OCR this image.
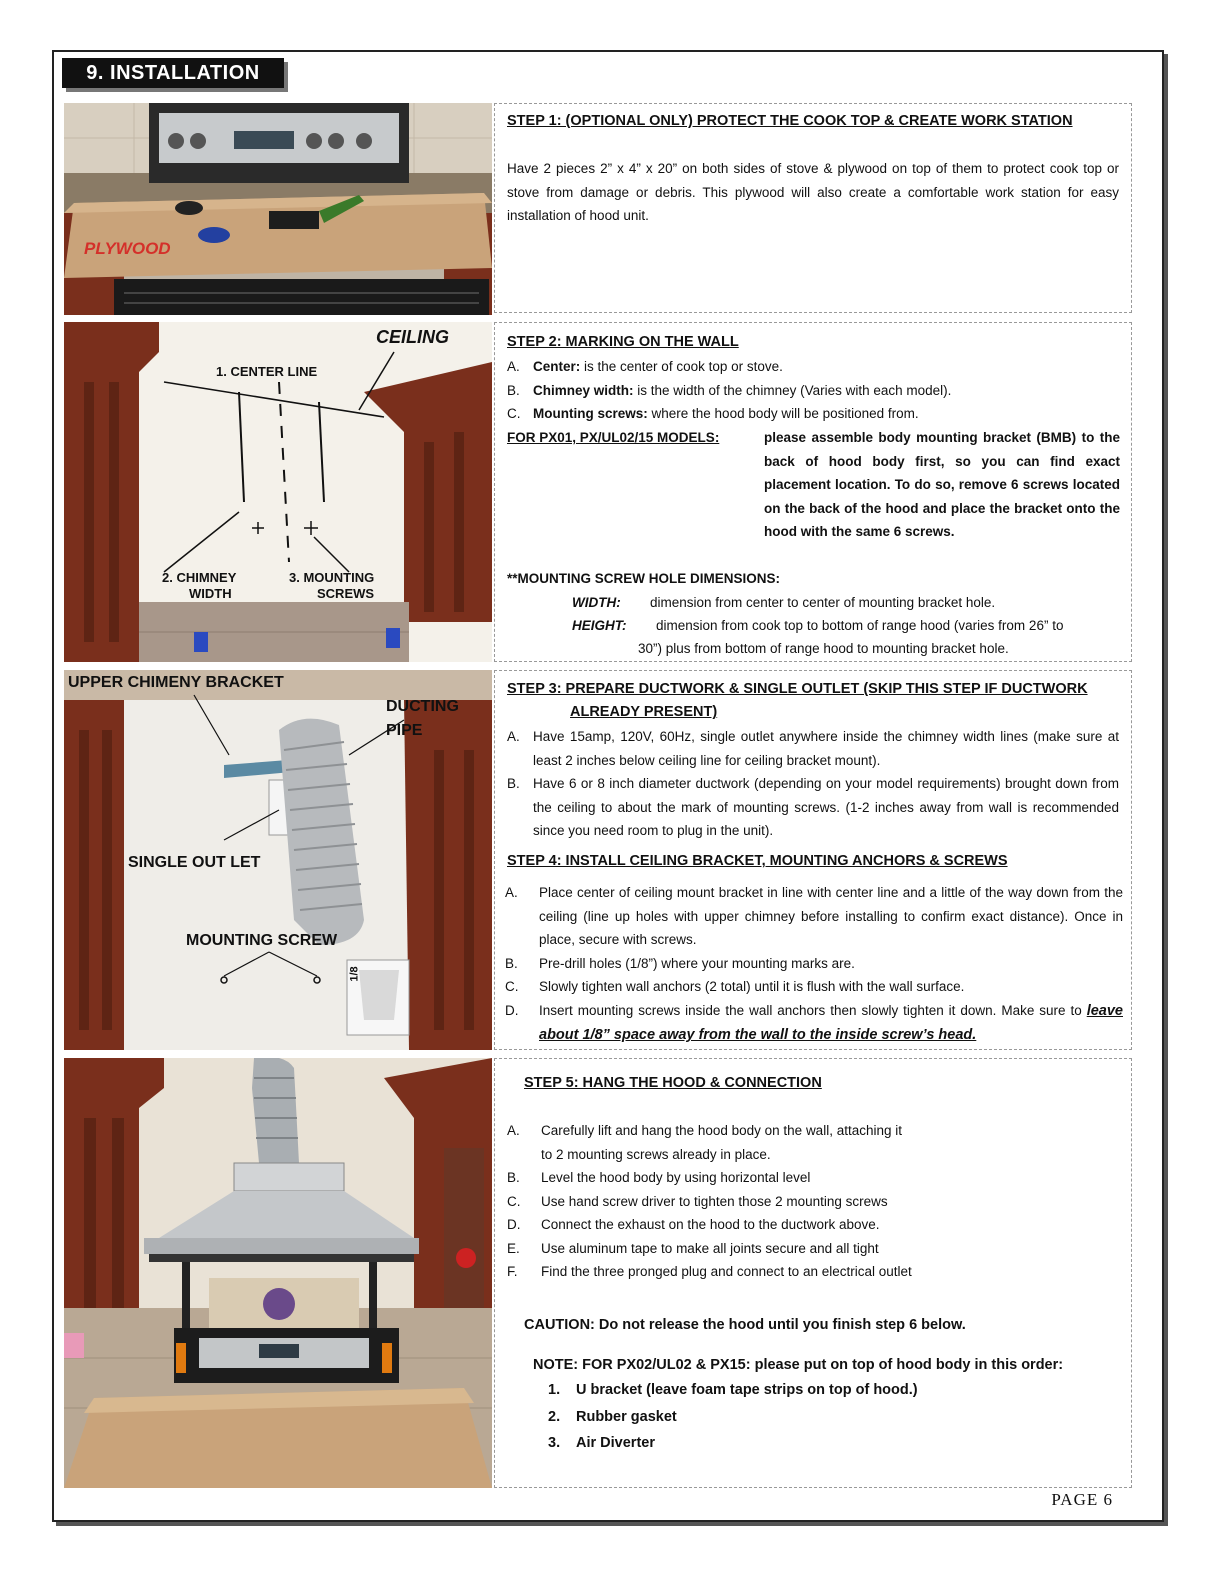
9. INSTALLATION
PLYWOOD
STEP 1: (OPTIONAL ONLY) PROTECT THE COOK TOP & CREATE WORK STATION
Have 2 pieces 2” x 4” x 20” on both sides of stove & plywood on top of them to protect cook top or stove from damage or debris. This plywood will also create a comfortable work station for easy installation of hood unit.
CEILING
1. CENTER LINE
2. CHIMNEY
WIDTH
3. MOUNTING
SCREWS
STEP 2: MARKING ON THE WALL
A. Center: is the center of cook top or stove.
B. Chimney width: is the width of the chimney (Varies with each model).
C. Mounting screws: where the hood body will be positioned from.
FOR PX01, PX/UL02/15 MODELS:	please assemble body mounting bracket (BMB) to the back of hood body first, so you can find exact placement location. To do so, remove 6 screws located on the back of the hood and place the bracket onto the hood with the same 6 screws.
**MOUNTING SCREW HOLE DIMENSIONS:
WIDTH: dimension from center to center of mounting bracket hole.
HEIGHT: dimension from cook top to bottom of range hood (varies from 26” to
30”) plus from bottom of range hood to mounting bracket hole.
UPPER CHIMENY BRACKET
DUCTING
PIPE
SINGLE OUT LET
MOUNTING SCREW
1/8
STEP 3: PREPARE DUCTWORK & SINGLE OUTLET (SKIP THIS STEP IF DUCTWORK
ALREADY PRESENT)
A. Have 15amp, 120V, 60Hz, single outlet anywhere inside the chimney width lines (make sure at least 2 inches below ceiling line for ceiling bracket mount).
B. Have 6 or 8 inch diameter ductwork (depending on your model requirements) brought down from the ceiling to about the mark of mounting screws. (1-2 inches away from wall is recommended since you need room to plug in the unit).
STEP 4: INSTALL CEILING BRACKET, MOUNTING ANCHORS & SCREWS
A.	Place center of ceiling mount bracket in line with center line and a little of the way down from the ceiling (line up holes with upper chimney before installing to confirm exact distance). Once in place, secure with screws.
B.	Pre-drill holes (1/8”) where your mounting marks are.
C.	Slowly tighten wall anchors (2 total) until it is flush with the wall surface.
D.	Insert mounting screws inside the wall anchors then slowly tighten it down. Make sure to leave about 1/8” space away from the wall to the inside screw’s head.
STEP 5: HANG THE HOOD & CONNECTION
A.	Carefully lift and hang the hood body on the wall, attaching it
to 2 mounting screws already in place.
B.	Level the hood body by using horizontal level
C.	Use hand screw driver to tighten those 2 mounting screws
D.	Connect the exhaust on the hood to the ductwork above.
E.	Use aluminum tape to make all joints secure and all tight
F.	Find the three pronged plug and connect to an electrical outlet
CAUTION: Do not release the hood until you finish step 6 below.
NOTE: FOR PX02/UL02 & PX15: please put on top of hood body in this order:
1.	U bracket (leave foam tape strips on top of hood.)
2.	Rubber gasket
3.	Air Diverter
PAGE 6
